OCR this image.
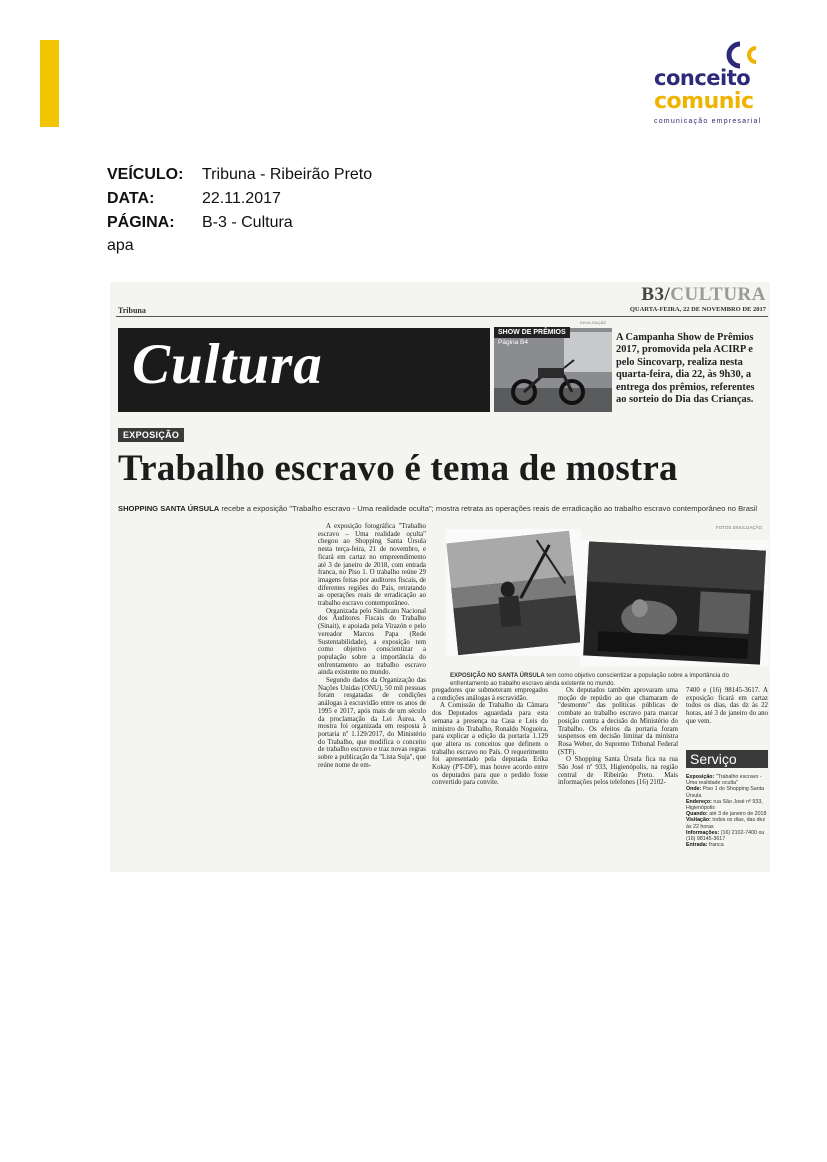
conceito
comunic
comunicação empresarial
VEÍCULO: Tribuna - Ribeirão Preto
DATA:	22.11.2017
PÁGINA: B-3 - Cultura
apa
B3/CULTURA
QUARTA-FEIRA, 22 DE NOVEMBRO DE 2017
Tribuna
Cultura
DIVULGAÇÃO
SHOW DE PRÊMIOS
Página B4	A Campanha Show de Prêmios 2017, promovida pela ACIRP e pelo Sincovarp, realiza nesta quarta-feira, dia 22, às 9h30, a entrega dos prêmios, referentes ao sorteio do Dia das Crianças.
EXPOSIÇÃO
Trabalho escravo é tema de mostra
SHOPPING SANTA ÚRSULA recebe a exposição "Trabalho escravo - Uma realidade oculta"; mostra retrata as operações reais de erradicação ao trabalho escravo contemporâneo no Brasil

A exposição fotográfica "Trabalho escravo – Uma realidade oculta" chegou ao Shopping Santa Úrsula nesta terça-feira, 21 de novembro, e ficará em cartaz no empreendimento até 3 de janeiro de 2018, com entrada franca, no Piso 1. O trabalho reúne 29 imagens feitas por auditores fiscais, de diferentes regiões do País, retratando as operações reais de erradicação ao trabalho escravo contemporâneo.

Organizada pelo Sindicato Nacional dos Auditores Fiscais do Trabalho (Sinait), e apoiada pela Virazón e pelo vereador Marcos Papa (Rede Sustentabilidade), a exposição tem como objetivo conscientizar a população sobre a importância do enfrentamento ao trabalho escravo ainda existente no mundo.

Segundo dados da Organização das Nações Unidas (ONU), 50 mil pessoas foram resgatadas de condições análogas à escravidão entre os anos de 1995 e 2017, após mais de um século da proclamação da Lei Áurea. A mostra foi organizada em resposta à portaria nº 1.129/2017, do Ministério do Trabalho, que modifica o conceito de trabalho escravo e traz novas regras sobre a publicação da "Lista Suja", que reúne nome de em-

FOTOS DIVULGAÇÃO
EXPOSIÇÃO NO SANTA ÚRSULA tem como objetivo conscientizar a população sobre a importância do enfrentamento ao trabalho escravo ainda existente no mundo.

pregadores que submeteram empregados a condições análogas à escravidão.

A Comissão de Trabalho da Câmara dos Deputados aguardada para esta semana a presença na Casa e Leis do ministro do Trabalho, Ronaldo Nogueira, para explicar a edição da portaria 1.129 que altera os conceitos que definem o trabalho escravo no País. O requerimento foi apresentado pela deputada Erika Kokay (PT-DF), mas houve acordo entre os deputados para que o pedido fosse convertido para convite.

Os deputados também aprovaram uma moção de repúdio ao que chamaram de "desmonte" das políticas públicas de combate ao trabalho escravo para marcar posição contra a decisão do Ministério do Trabalho. Os efeitos da portaria foram suspensos em decisão liminar da ministra Rosa Weber, do Supremo Tribunal Federal (STF).

O Shopping Santa Úrsula fica na rua São José nº 933, Higienópolis, na região central de Ribeirão Preto. Mais informações pelos telefones (16) 2102-

7400 e (16) 98145-3617. A exposição ficará em cartaz todos os dias, das dz às 22 horas, até 3 de janeiro do ano que vem.

Serviço
Exposição: "Trabalho escravo - Uma realidade oculta"
Onde: Piso 1 do Shopping Santa Úrsula
Endereço: rua São José nº 933, Higienópolis
Quando: até 3 de janeiro de 2018
Visitação: todos os dias, das dez às 22 horas
Informações: (16) 2102-7400 ou (16) 98145-3617
Entrada: franca
